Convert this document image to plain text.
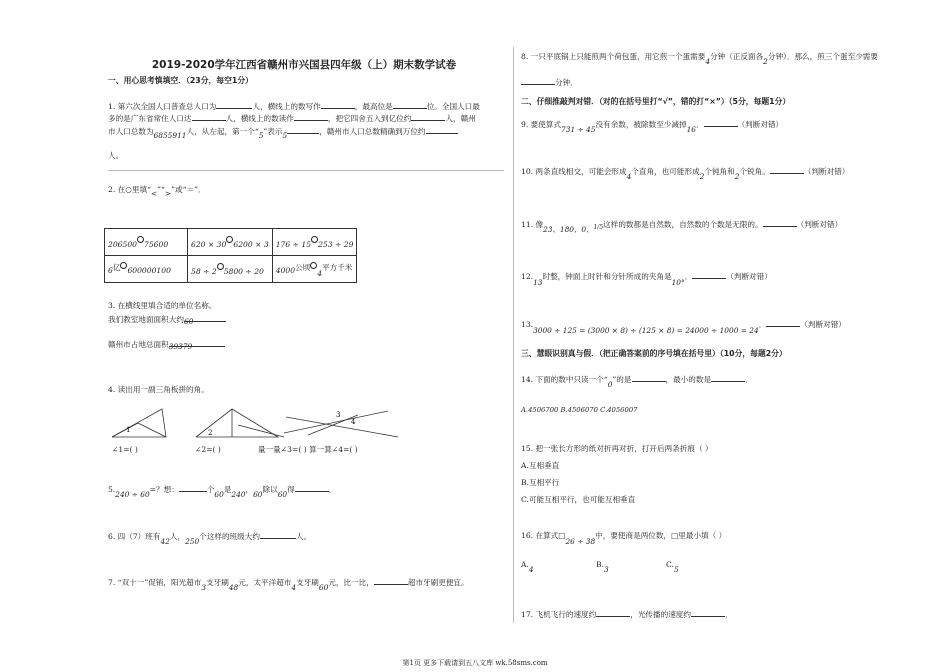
2019-2020学年江西省赣州市兴国县四年级（上）期末数学试卷
一、用心思考慎填空．（23分，每空1分）
1. 第六次全国人口普查总人口为	人，横线上的数写作	，最高位是	位。全国人口最
多的是广东省常住人口达	人，横线上的数读作	，把它四舍五入到亿位约	人，赣州
市人口总数为6855911人，从左起，第一个“5”表示5	，赣州市人口总数精确到万位约
人。
2. 在○里填“<”“>”或“＝”．
206500 75600	620 × 30 6200 × 3	176 ÷ 15 253 ÷ 29
6亿 600000100	58 ÷ 2 5800 ÷ 20	4000公顷4平方千米
3. 在横线里填合适的单位名称。
我们教室地面面积大约 60
赣州市占地总面积 39379
4. 读出用一副三角板拼的角。
1	2
3
4
∠1=( )	∠2=( )	量一量∠3=( ) 算一算∠4=( )
5.240 ÷ 60=？想：	个60是240，60除以60得	．
6. 四（7）班有42人，250个这样的班级大约	人。
7. “双十一”促销，阳光超市3支牙刷48元，太平洋超市4支牙刷60元，比一比，	超市牙刷更便宜。
8. 一只平底锅上只能煎两个荷包蛋，用它煎一个蛋需要4分钟（正反面各2分钟）．那么，煎三个蛋至少需要
分钟．
二、仔细推敲判对错．（对的在括号里打“√”，错的打“×”）（5分，每题1分）
9. 要使算式731 ÷ 45没有余数，被除数至少减掉16．	（判断对错）
10. 两条直线相交，可能会形成4个直角，也可能形成2个钝角和2个锐角。	（判断对错）
11. 像23、180、0、$_{1/5}$这样的数都是自然数，自然数的个数是无限的。	（判断对错）
12.13时整，钟面上时针和分针所成的夹角是10°．	（判断对错）
13.3000 ÷ 125 = (3000 × 8) ÷ (125 × 8) = 24000 ÷ 1000 = 24．	（判断对错）
三、慧眼识别真与假．（把正确答案前的序号填在括号里）（10分，每题2分）
14. 下面的数中只读一个“0”的是	，最小的数是	．
A.4506700 B.4506070 C.4056007
15. 把一张长方形的纸对折再对折，打开后两条折痕（ ）
A.互相垂直
B.互相平行
C.可能互相平行，也可能互相垂直
16. 在算式□26 ÷ 38中，要使商是两位数，□里最小填（ ）
A.4
B.3
C.5
17. 飞机飞行的速度约	，光传播的速度约	．
第1页 更多下载请到五八文库 wk.58sms.com
